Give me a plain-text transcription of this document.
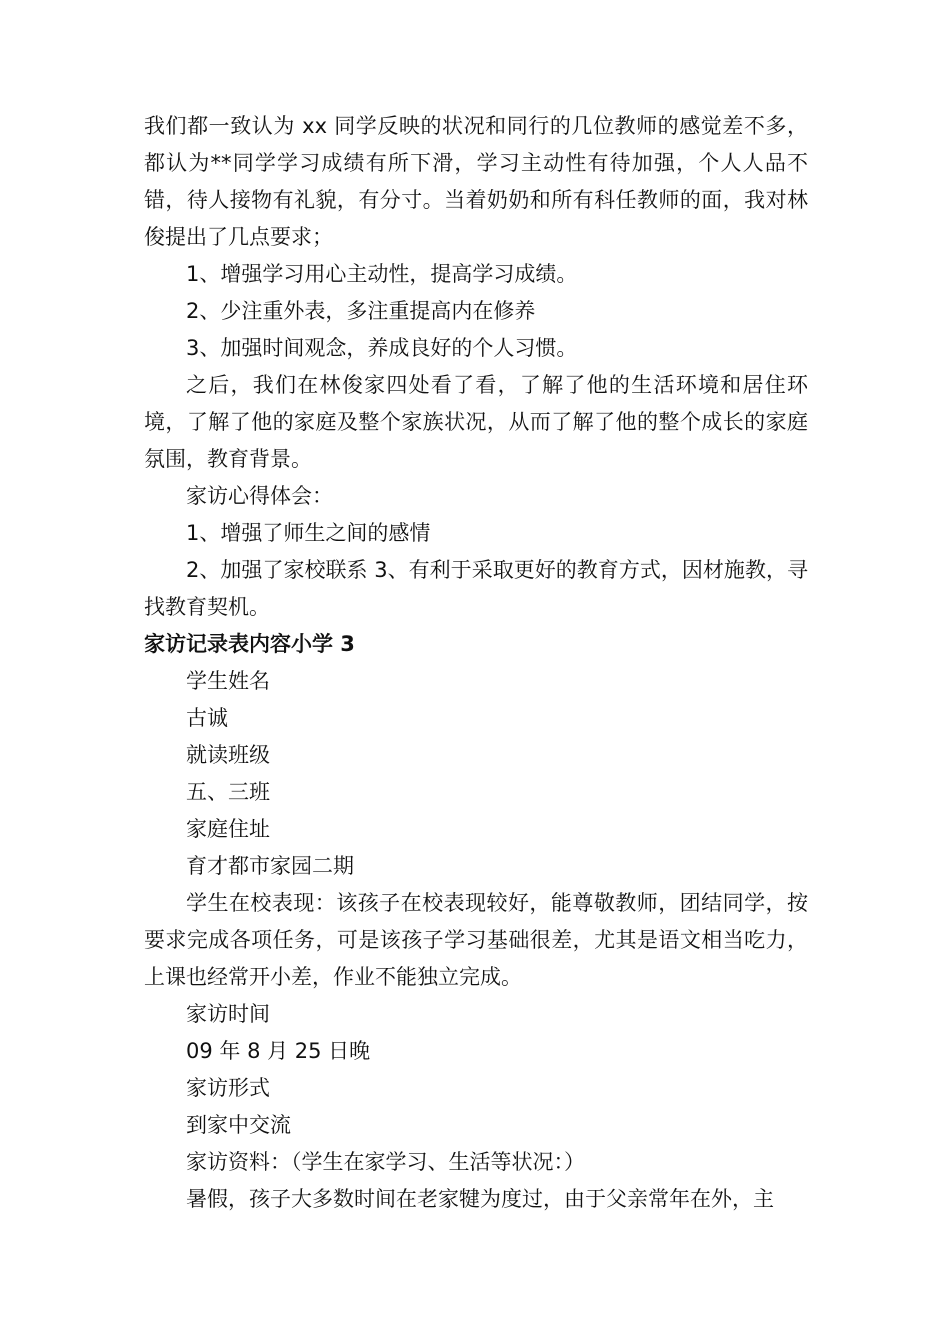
我们都一致认为 xx 同学反映的状况和同行的几位教师的感觉差不多，都认为**同学学习成绩有所下滑，学习主动性有待加强，个人人品不错，待人接物有礼貌，有分寸。当着奶奶和所有科任教师的面，我对林俊提出了几点要求；

1、增强学习用心主动性，提高学习成绩。

2、少注重外表，多注重提高内在修养

3、加强时间观念，养成良好的个人习惯。

之后，我们在林俊家四处看了看，了解了他的生活环境和居住环境，了解了他的家庭及整个家族状况，从而了解了他的整个成长的家庭氛围，教育背景。

家访心得体会：

1、增强了师生之间的感情

2、加强了家校联系 3、有利于采取更好的教育方式，因材施教，寻找教育契机。

家访记录表内容小学 3

学生姓名

古诚

就读班级

五、三班

家庭住址

育才都市家园二期

学生在校表现：该孩子在校表现较好，能尊敬教师，团结同学，按要求完成各项任务，可是该孩子学习基础很差，尤其是语文相当吃力，上课也经常开小差，作业不能独立完成。

家访时间

09 年 8 月 25 日晚

家访形式

到家中交流

家访资料：（学生在家学习、生活等状况：）

暑假，孩子大多数时间在老家犍为度过，由于父亲常年在外，主
